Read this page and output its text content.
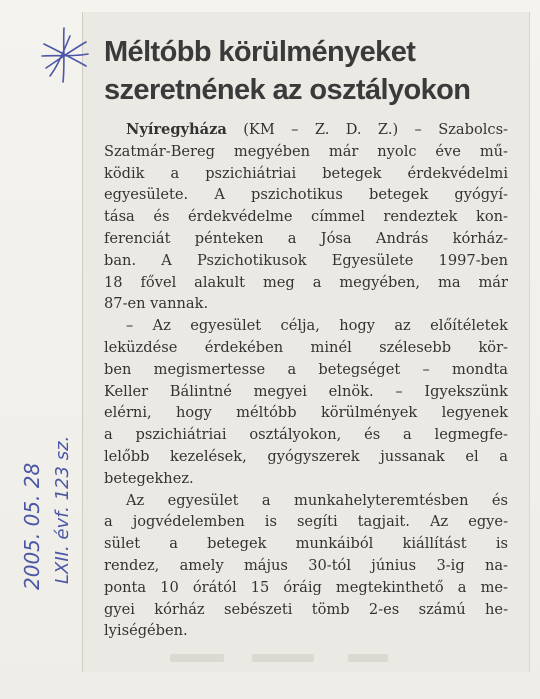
Méltóbb körülményeket
szeretnének az osztályokon
Nyíregyháza (KM – Z. D. Z.) – Szabolcs-
Szatmár-Bereg megyében már nyolc éve mű-
ködik a pszichiátriai betegek érdekvédelmi
egyesülete. A pszichotikus betegek gyógyí-
tása és érdekvédelme címmel rendeztek kon-
ferenciát pénteken a Jósa András kórház-
ban. A Pszichotikusok Egyesülete 1997-ben
18 fővel alakult meg a megyében, ma már
87-en vannak.
– Az egyesület célja, hogy az előítéletek
leküzdése érdekében minél szélesebb kör-
ben megismertesse a betegséget – mondta
Keller Bálintné megyei elnök. – Igyekszünk
elérni, hogy méltóbb körülmények legyenek
a pszichiátriai osztályokon, és a legmegfe-
lelőbb kezelések, gyógyszerek jussanak el a
betegekhez.
Az egyesület a munkahelyteremtésben és
a jogvédelemben is segíti tagjait. Az egye-
sület a betegek munkáiból kiállítást is
rendez, amely május 30-tól június 3-ig na-
ponta 10 órától 15 óráig megtekinthető a me-
gyei kórház sebészeti tömb 2-es számú he-
lyiségében.
2005. 05. 28 LXII. évf. 123 sz.
